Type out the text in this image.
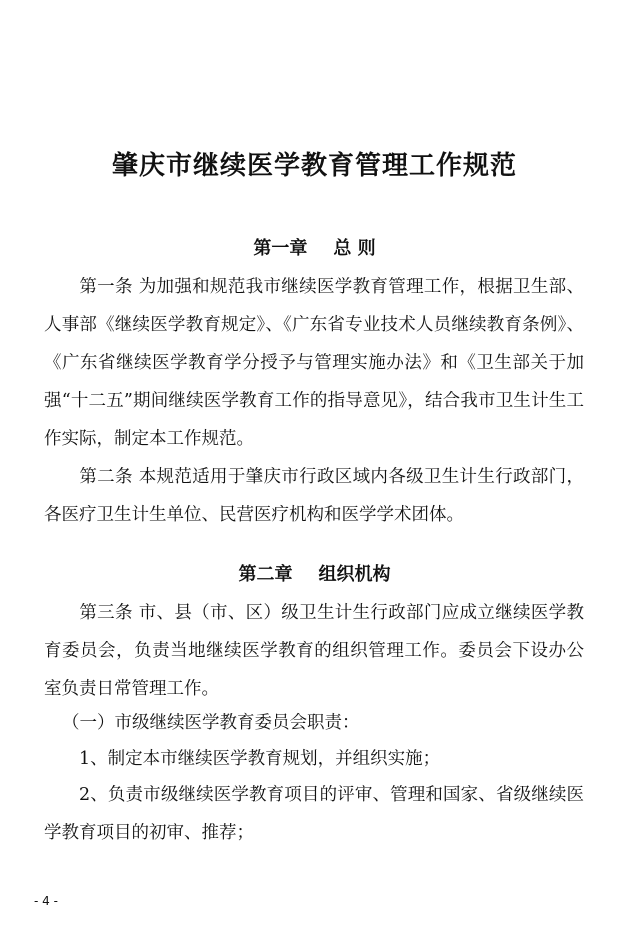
肇庆市继续医学教育管理工作规范
第一章 总 则
第一条 为加强和规范我市继续医学教育管理工作，根据卫生部、人事部《继续医学教育规定》、《广东省专业技术人员继续教育条例》、《广东省继续医学教育学分授予与管理实施办法》和《卫生部关于加强“十二五”期间继续医学教育工作的指导意见》，结合我市卫生计生工作实际，制定本工作规范。
第二条 本规范适用于肇庆市行政区域内各级卫生计生行政部门，各医疗卫生计生单位、民营医疗机构和医学学术团体。
第二章 组织机构
第三条 市、县（市、区）级卫生计生行政部门应成立继续医学教育委员会，负责当地继续医学教育的组织管理工作。委员会下设办公室负责日常管理工作。
（一）市级继续医学教育委员会职责：
1、制定本市继续医学教育规划，并组织实施；
2、负责市级继续医学教育项目的评审、管理和国家、省级继续医学教育项目的初审、推荐；
- 4 -
